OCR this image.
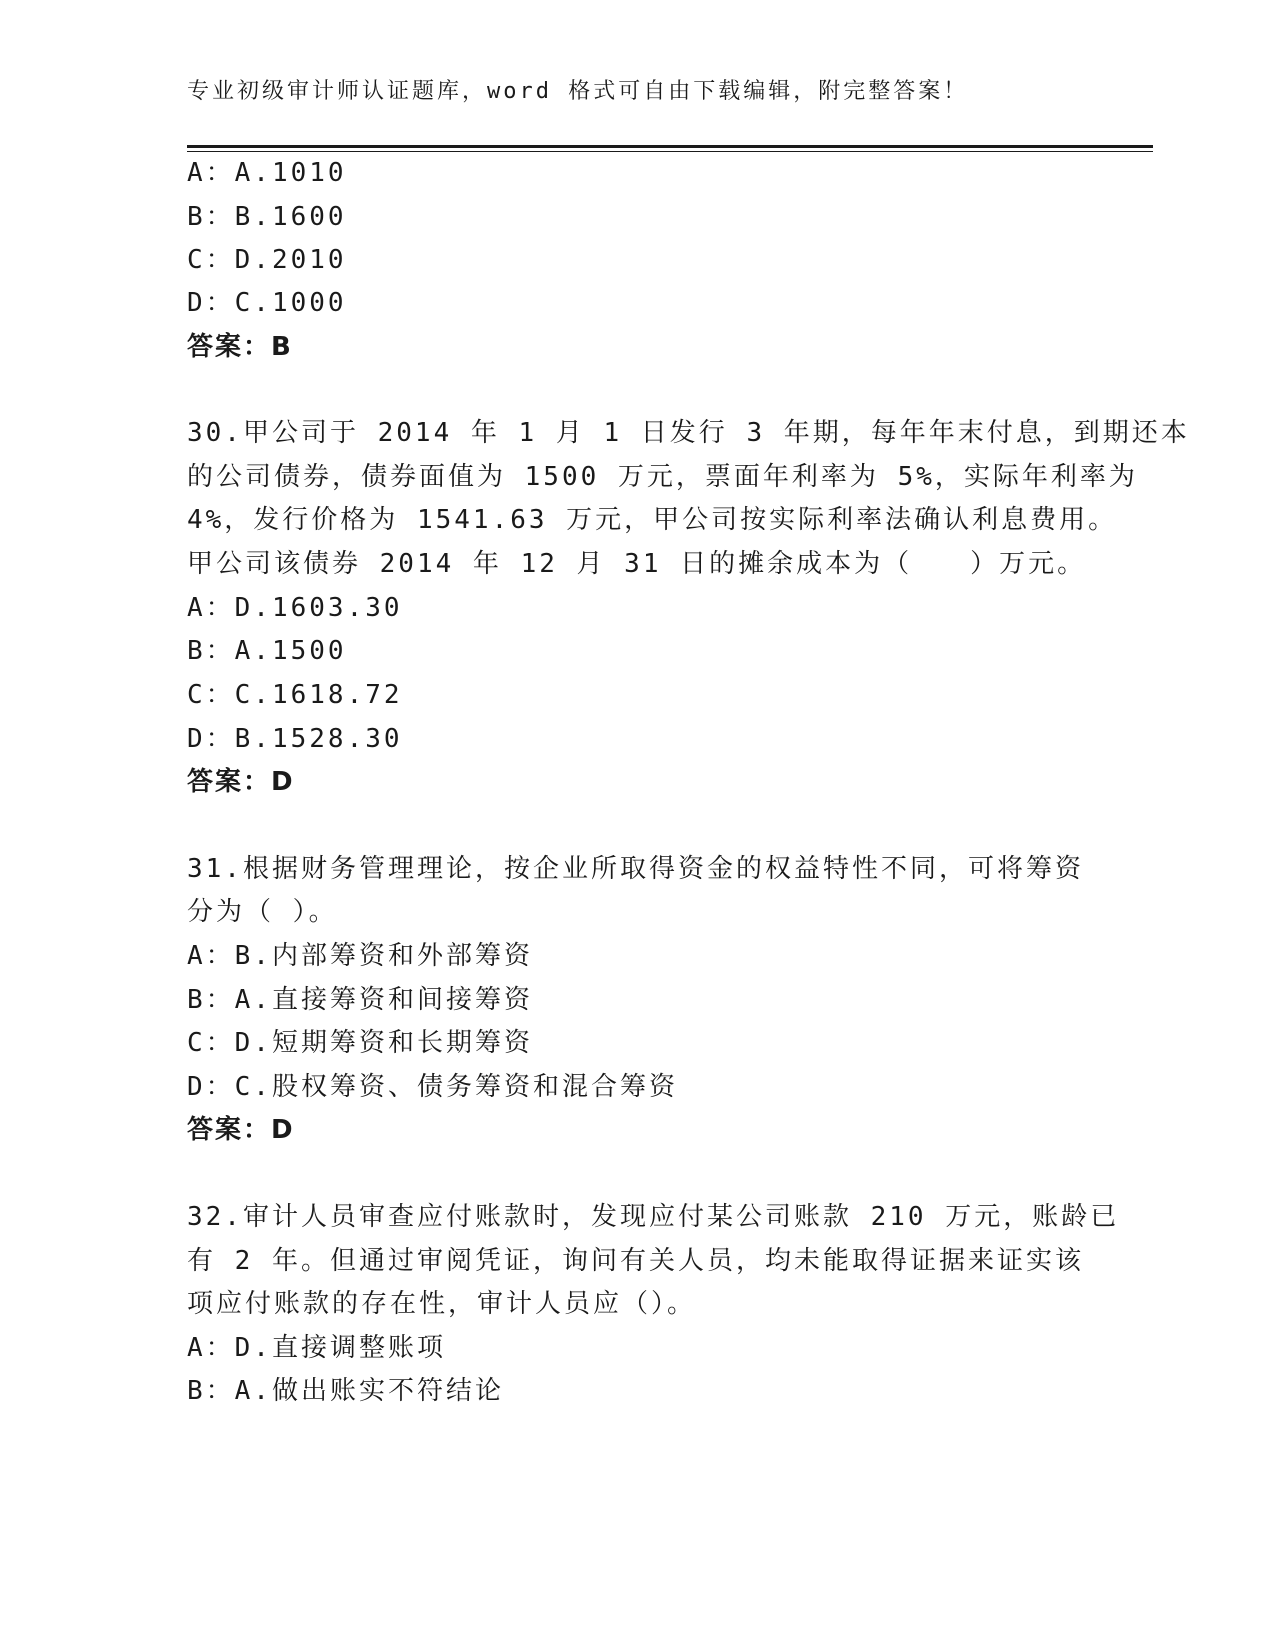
专业初级审计师认证题库，word 格式可自由下载编辑，附完整答案！
A：A.1010
B：B.1600
C：D.2010
D：C.1000
答案：B
30.甲公司于 2014 年 1 月 1 日发行 3 年期，每年年末付息，到期还本
的公司债券，债券面值为 1500 万元，票面年利率为 5%，实际年利率为
4%，发行价格为 1541.63 万元，甲公司按实际利率法确认利息费用。
甲公司该债券 2014 年 12 月 31 日的摊余成本为（　　）万元。
A：D.1603.30
B：A.1500
C：C.1618.72
D：B.1528.30
答案：D
31.根据财务管理理论，按企业所取得资金的权益特性不同，可将筹资
分为（ ）。
A：B.内部筹资和外部筹资
B：A.直接筹资和间接筹资
C：D.短期筹资和长期筹资
D：C.股权筹资、债务筹资和混合筹资
答案：D
32.审计人员审查应付账款时，发现应付某公司账款 210 万元，账龄已
有 2 年。但通过审阅凭证，询问有关人员，均未能取得证据来证实该
项应付账款的存在性，审计人员应（）。
A：D.直接调整账项
B：A.做出账实不符结论
